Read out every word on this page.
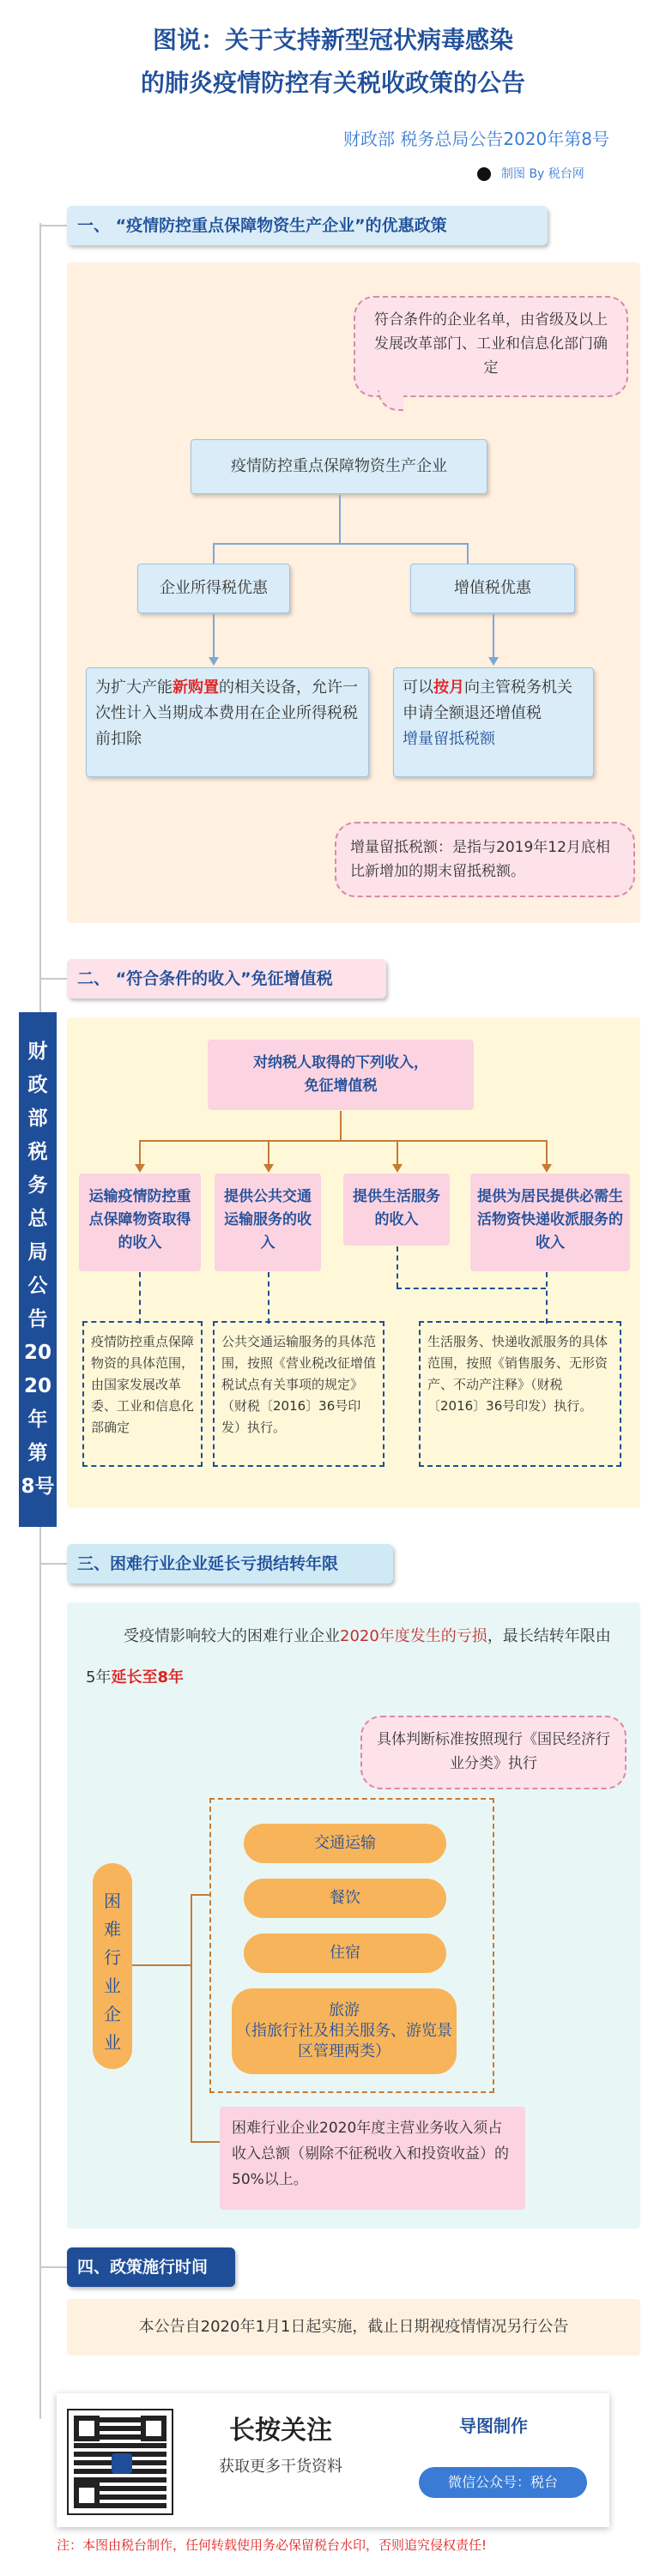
图说：关于支持新型冠状病毒感染
的肺炎疫情防控有关税收政策的公告
财政部 税务总局公告2020年第8号
制图 By 税台网
财
政
部
税
务
总
局
公
告
20
20
年
第
8号
一、 “疫情防控重点保障物资生产企业”的优惠政策
符合条件的企业名单，由省级及以上发展改革部门、工业和信息化部门确定
疫情防控重点保障物资生产企业
企业所得税优惠	增值税优惠
为扩大产能新购置的相关设备，允许一次性计入当期成本费用在企业所得税税前扣除
可以按月向主管税务机关申请全额退还增值税
增量留抵税额
增量留抵税额：是指与2019年12月底相比新增加的期末留抵税额。
二、 “符合条件的收入”免征增值税
对纳税人取得的下列收入，
免征增值税
运输疫情防控重点保障物资取得的收入
提供公共交通运输服务的收入
提供生活服务的收入
提供为居民提供必需生活物资快递收派服务的收入
疫情防控重点保障物资的具体范围，由国家发展改革委、工业和信息化部确定
公共交通运输服务的具体范围，按照《营业税改征增值税试点有关事项的规定》（财税〔2016〕36号印发）执行。
生活服务、快递收派服务的具体范围，按照《销售服务、无形资产、不动产注释》（财税〔2016〕36号印发）执行。
三、困难行业企业延长亏损结转年限
受疫情影响较大的困难行业企业2020年度发生的亏损，最长结转年限由5年延长至8年
具体判断标准按照现行《国民经济行业分类》执行
交通运输
餐饮
住宿
旅游
（指旅行社及相关服务、游览景区管理两类）
困难行业企业
困难行业企业2020年度主营业务收入须占收入总额（剔除不征税收入和投资收益）的50%以上。
四、政策施行时间
本公告自2020年1月1日起实施，截止日期视疫情情况另行公告
长按关注
获取更多干货资料
导图制作
微信公众号：税台
注：本图由税台制作，任何转载使用务必保留税台水印，否则追究侵权责任!
